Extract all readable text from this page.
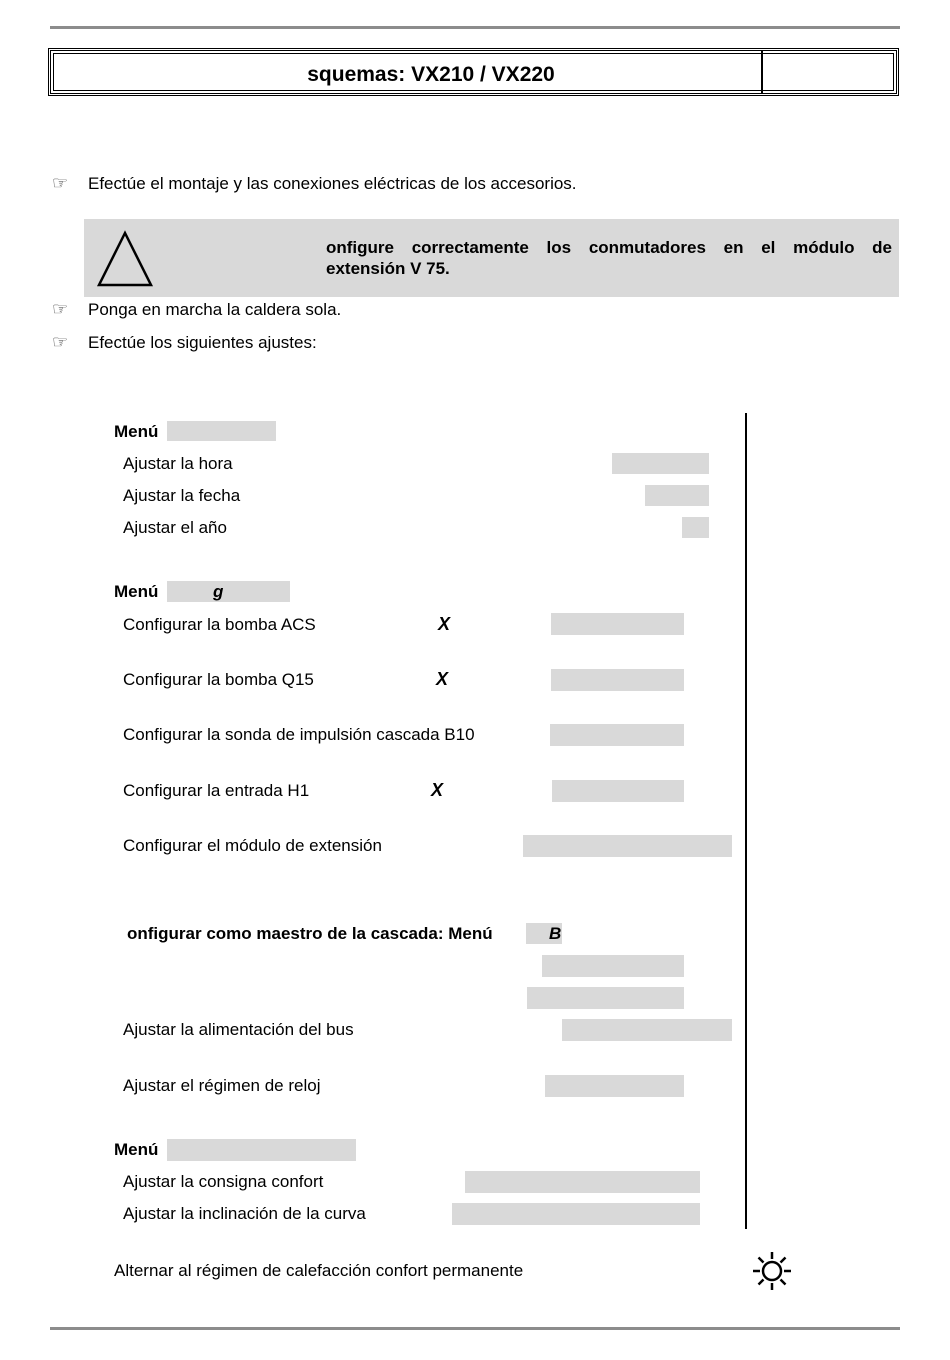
squemas: VX210 / VX220
☞ Efectúe el montaje y las conexiones eléctricas de los accesorios.
onfigure correctamente los conmutadores en el módulo de
extensión V 75.
☞ Ponga en marcha la caldera sola.
☞ Efectúe los siguientes ajustes:
Menú
Ajustar la hora
Ajustar la fecha
Ajustar el año
Menú	g
Configurar la bomba ACS	X
Configurar la bomba Q15	X
Configurar la sonda de impulsión cascada B10
Configurar la entrada H1	X
Configurar el módulo de extensión
onfigurar como maestro de la cascada: Menú	B
Ajustar la alimentación del bus
Ajustar el régimen de reloj
Menú
Ajustar la consigna confort
Ajustar la inclinación de la curva
Alternar al régimen de calefacción confort permanente
